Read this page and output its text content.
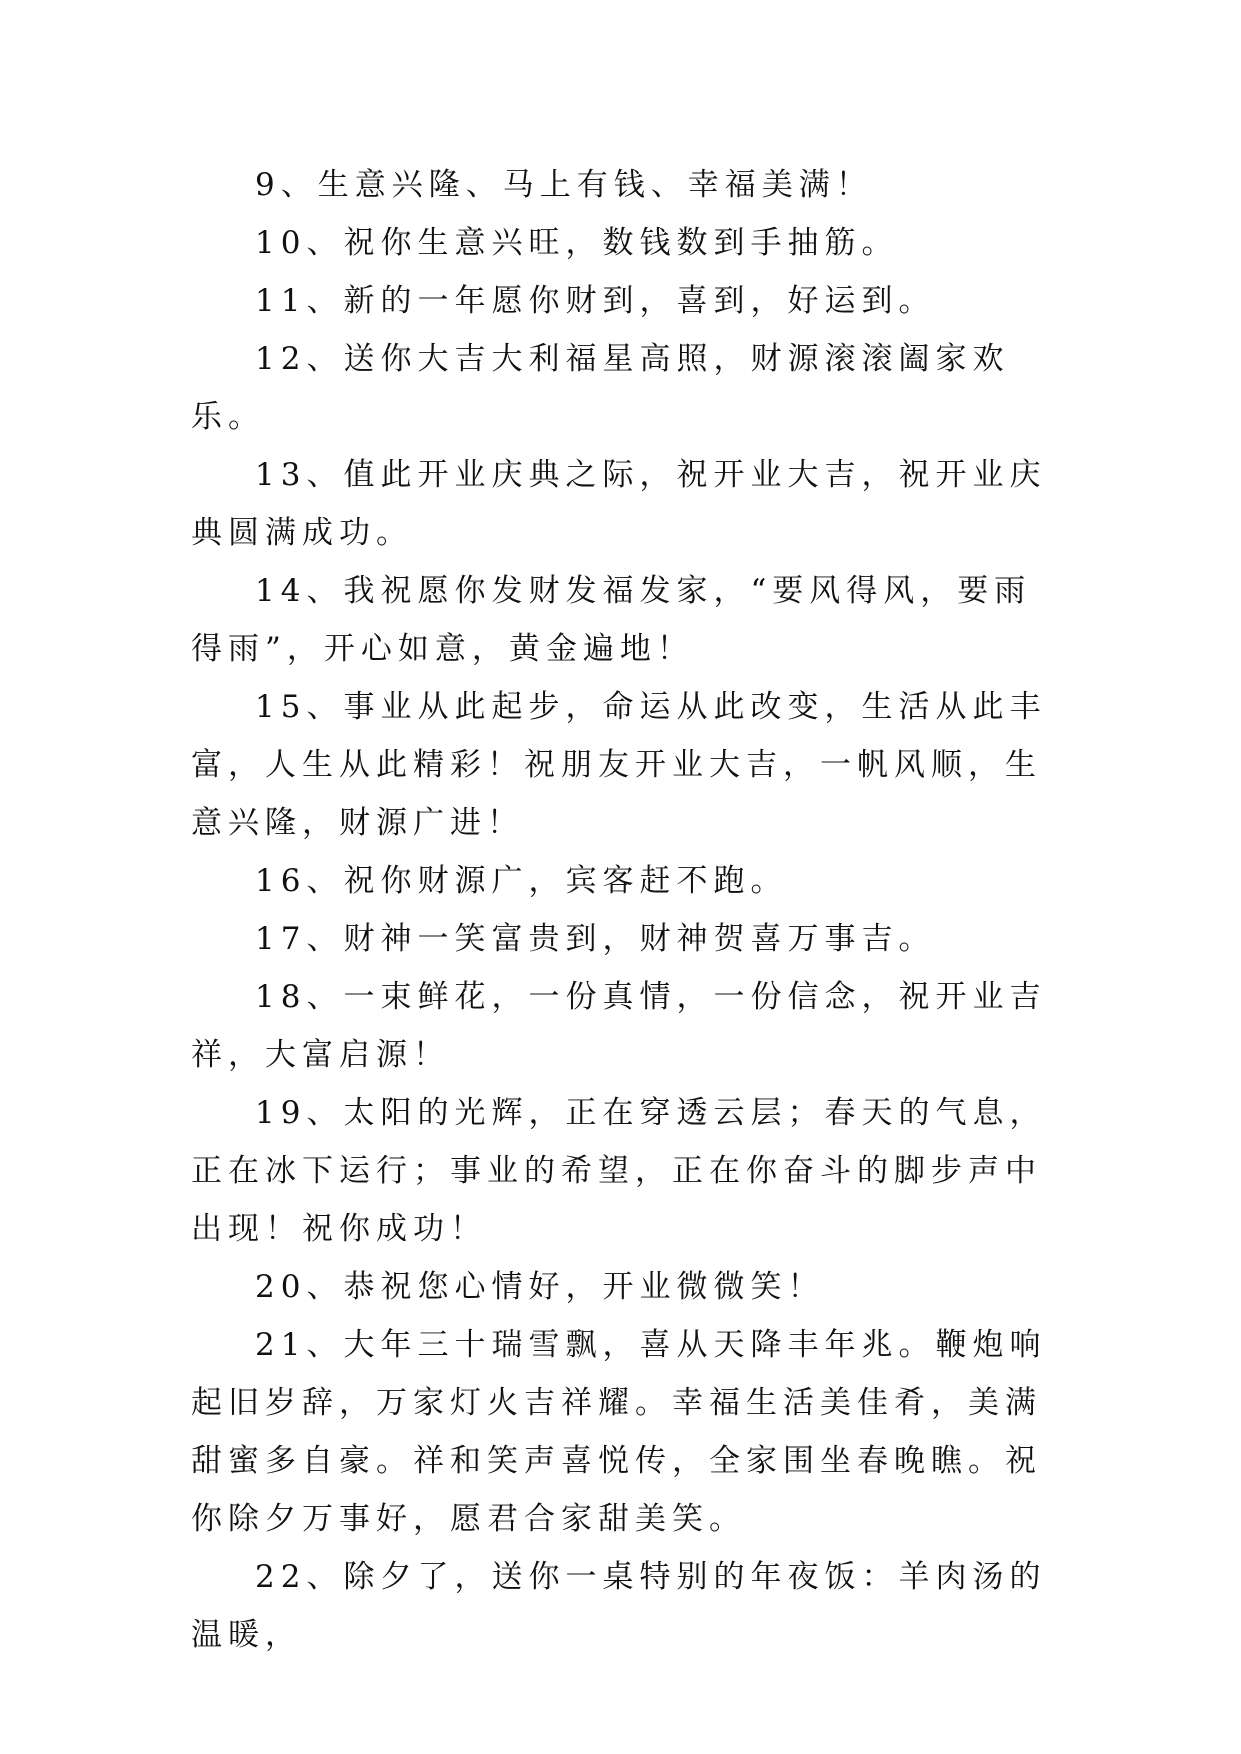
9、生意兴隆、马上有钱、幸福美满！

10、祝你生意兴旺，数钱数到手抽筋。

11、新的一年愿你财到，喜到，好运到。

12、送你大吉大利福星高照，财源滚滚阖家欢乐。

13、值此开业庆典之际，祝开业大吉，祝开业庆典圆满成功。

14、我祝愿你发财发福发家，“要风得风，要雨得雨”，开心如意，黄金遍地！

15、事业从此起步，命运从此改变，生活从此丰富，人生从此精彩！祝朋友开业大吉，一帆风顺，生意兴隆，财源广进！

16、祝你财源广，宾客赶不跑。

17、财神一笑富贵到，财神贺喜万事吉。

18、一束鲜花，一份真情，一份信念，祝开业吉祥，大富启源！

19、太阳的光辉，正在穿透云层；春天的气息，正在冰下运行；事业的希望，正在你奋斗的脚步声中出现！祝你成功！

20、恭祝您心情好，开业微微笑！

21、大年三十瑞雪飘，喜从天降丰年兆。鞭炮响起旧岁辞，万家灯火吉祥耀。幸福生活美佳肴，美满甜蜜多自豪。祥和笑声喜悦传，全家围坐春晚瞧。祝你除夕万事好，愿君合家甜美笑。

22、除夕了，送你一桌特别的年夜饭：羊肉汤的温暖，
